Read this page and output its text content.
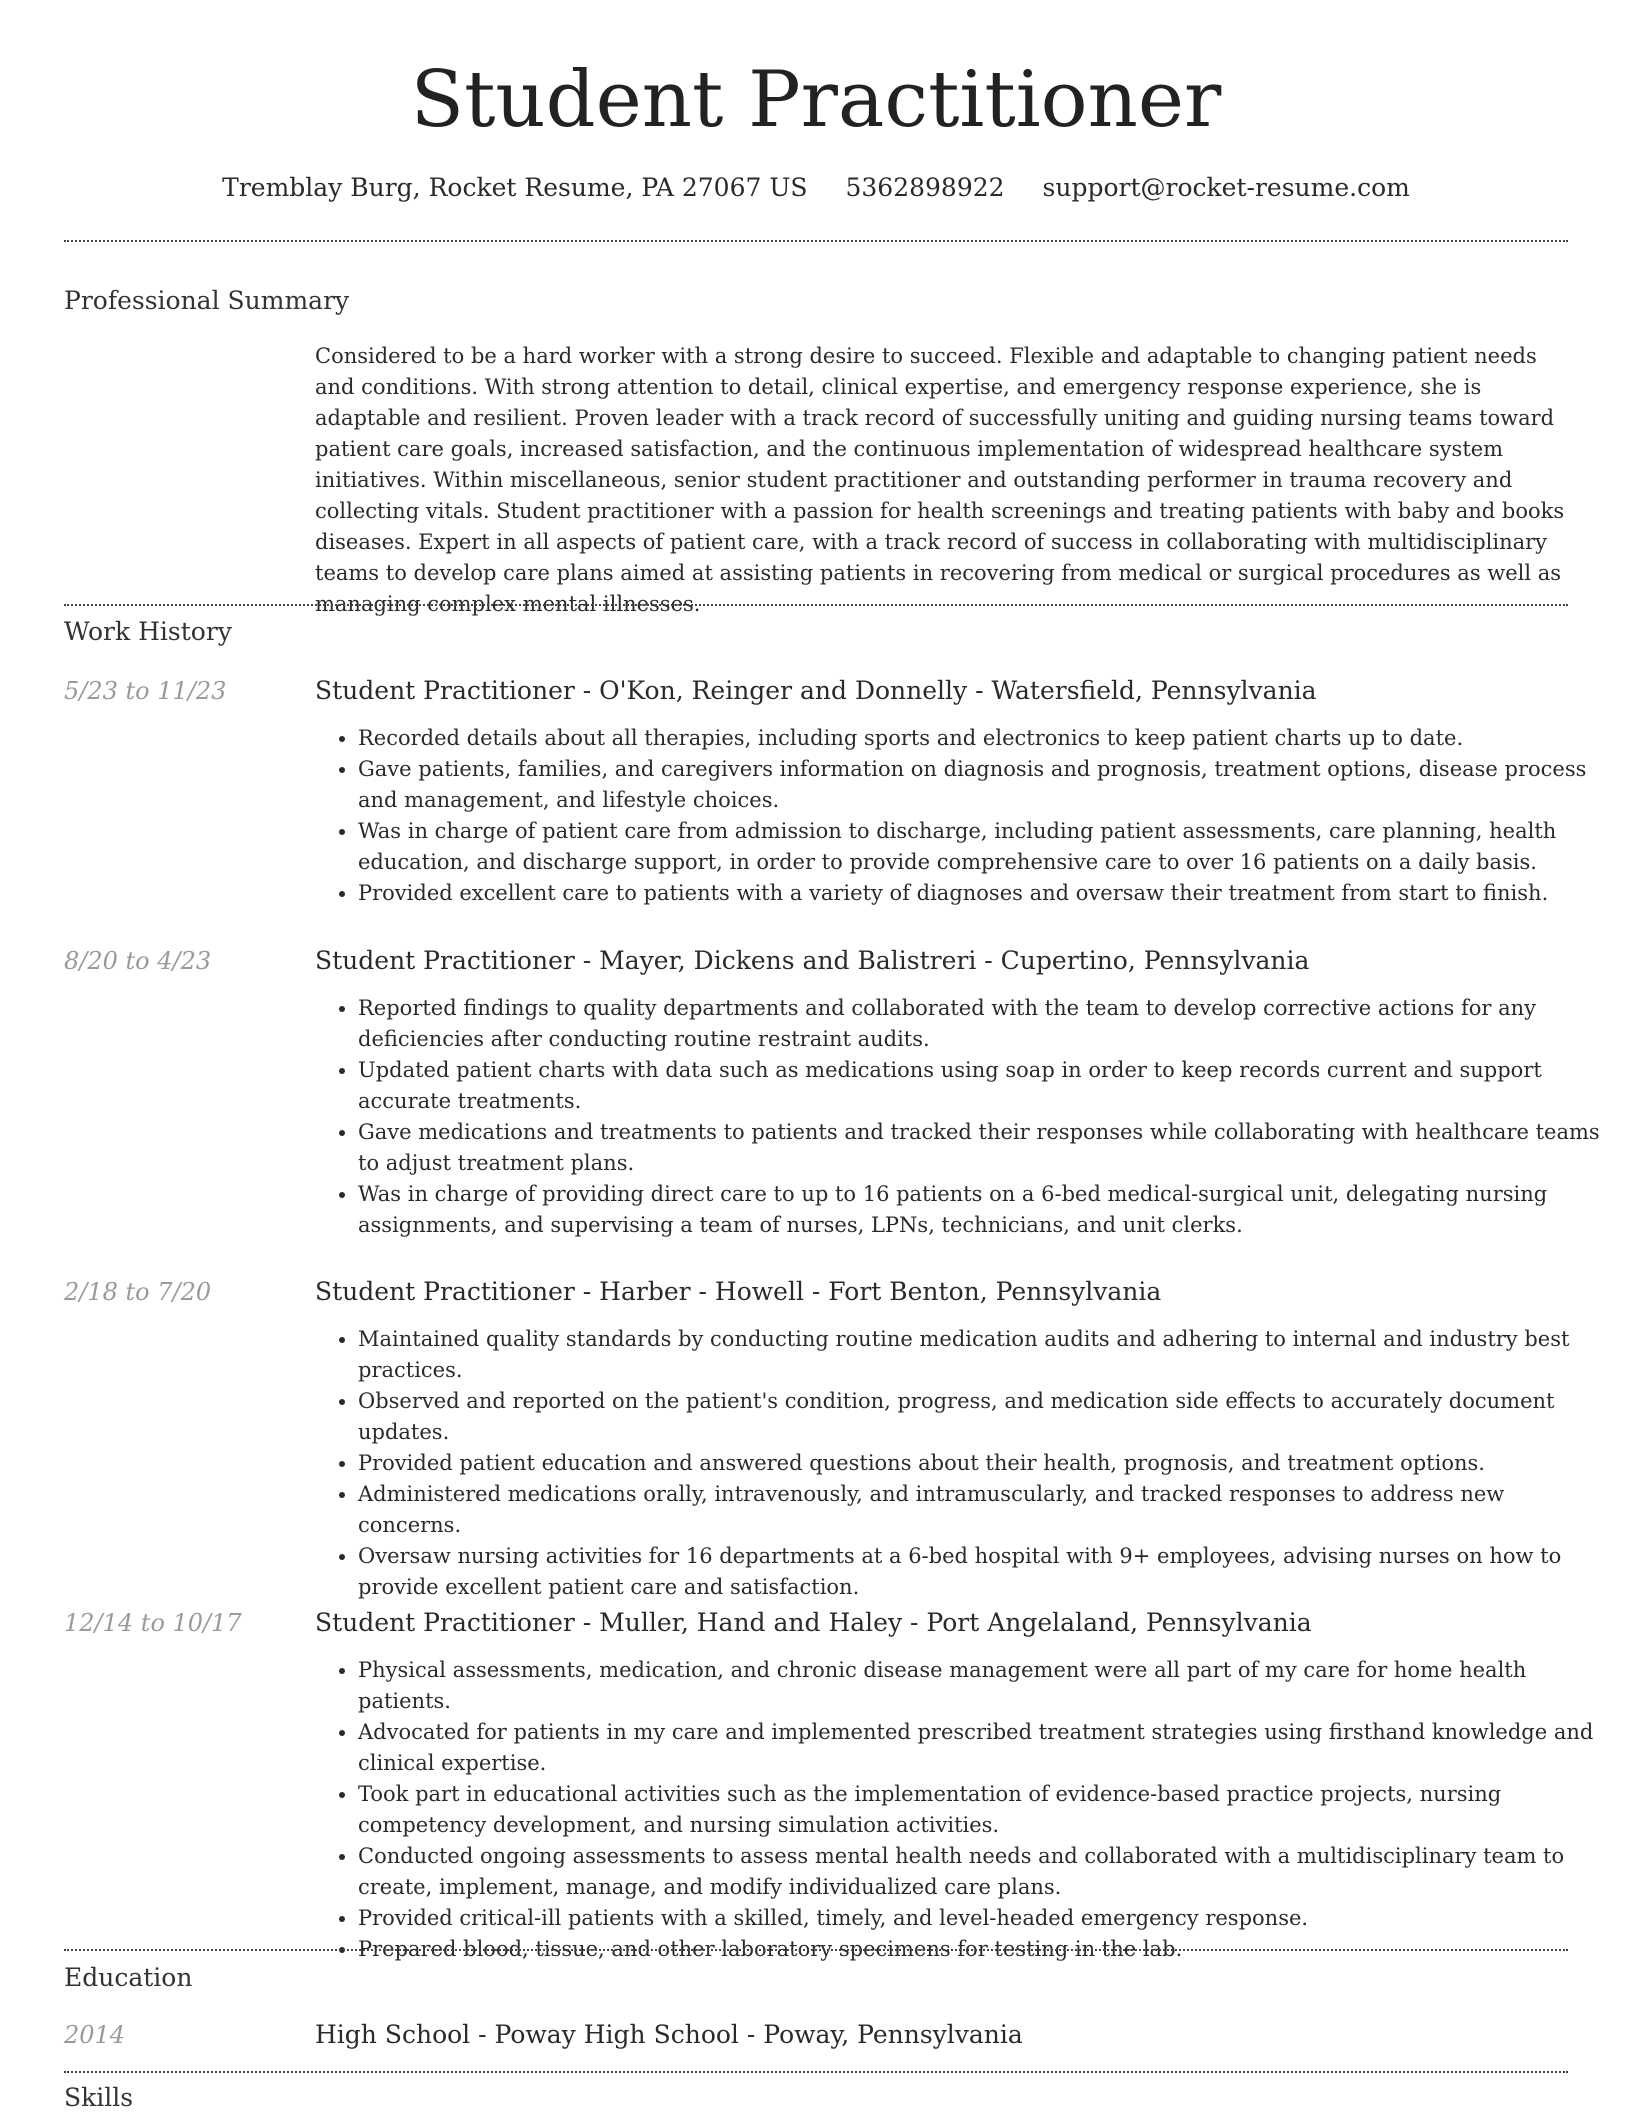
Student Practitioner
Tremblay Burg, Rocket Resume, PA 27067 US 5362898922 support@rocket-resume.com
Professional Summary
Considered to be a hard worker with a strong desire to succeed. Flexible and adaptable to changing patient needs and conditions. With strong attention to detail, clinical expertise, and emergency response experience, she is adaptable and resilient. Proven leader with a track record of successfully uniting and guiding nursing teams toward patient care goals, increased satisfaction, and the continuous implementation of widespread healthcare system initiatives. Within miscellaneous, senior student practitioner and outstanding performer in trauma recovery and collecting vitals. Student practitioner with a passion for health screenings and treating patients with baby and books diseases. Expert in all aspects of patient care, with a track record of success in collaborating with multidisciplinary teams to develop care plans aimed at assisting patients in recovering from medical or surgical procedures as well as managing complex mental illnesses.
Work History
5/23 to 11/23	Student Practitioner - O'Kon, Reinger and Donnelly - Watersfield, Pennsylvania
• Recorded details about all therapies, including sports and electronics to keep patient charts up to date.
• Gave patients, families, and caregivers information on diagnosis and prognosis, treatment options, disease process and management, and lifestyle choices.
• Was in charge of patient care from admission to discharge, including patient assessments, care planning, health education, and discharge support, in order to provide comprehensive care to over 16 patients on a daily basis.
• Provided excellent care to patients with a variety of diagnoses and oversaw their treatment from start to finish.
8/20 to 4/23	Student Practitioner - Mayer, Dickens and Balistreri - Cupertino, Pennsylvania
• Reported findings to quality departments and collaborated with the team to develop corrective actions for any deficiencies after conducting routine restraint audits.
• Updated patient charts with data such as medications using soap in order to keep records current and support accurate treatments.
• Gave medications and treatments to patients and tracked their responses while collaborating with healthcare teams to adjust treatment plans.
• Was in charge of providing direct care to up to 16 patients on a 6-bed medical-surgical unit, delegating nursing assignments, and supervising a team of nurses, LPNs, technicians, and unit clerks.
2/18 to 7/20	Student Practitioner - Harber - Howell - Fort Benton, Pennsylvania
• Maintained quality standards by conducting routine medication audits and adhering to internal and industry best practices.
• Observed and reported on the patient's condition, progress, and medication side effects to accurately document updates.
• Provided patient education and answered questions about their health, prognosis, and treatment options.
• Administered medications orally, intravenously, and intramuscularly, and tracked responses to address new concerns.
• Oversaw nursing activities for 16 departments at a 6-bed hospital with 9+ employees, advising nurses on how to provide excellent patient care and satisfaction.
12/14 to 10/17	Student Practitioner - Muller, Hand and Haley - Port Angelaland, Pennsylvania
• Physical assessments, medication, and chronic disease management were all part of my care for home health patients.
• Advocated for patients in my care and implemented prescribed treatment strategies using firsthand knowledge and clinical expertise.
• Took part in educational activities such as the implementation of evidence-based practice projects, nursing competency development, and nursing simulation activities.
• Conducted ongoing assessments to assess mental health needs and collaborated with a multidisciplinary team to create, implement, manage, and modify individualized care plans.
• Provided critical-ill patients with a skilled, timely, and level-headed emergency response.
• Prepared blood, tissue, and other laboratory specimens for testing in the lab.
Education
2014	High School - Poway High School - Poway, Pennsylvania
Skills
